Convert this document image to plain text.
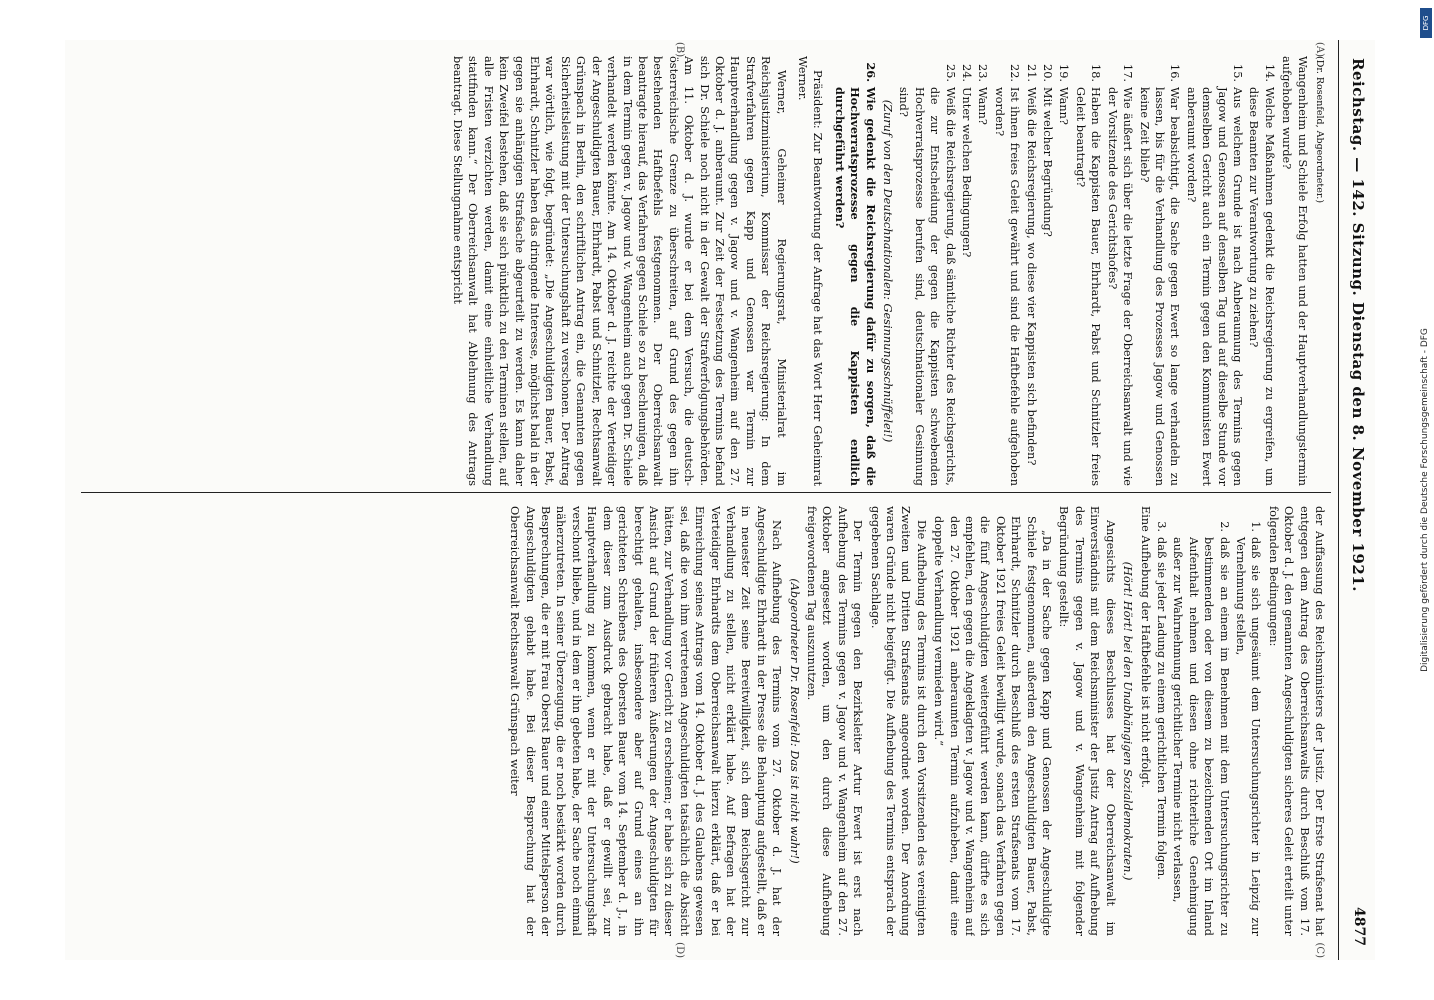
Reichstag. — 142. Sitzung. Dienstag den 8. November 1921.
4877
(A)
(B)
(C)
(D)

(Dr. Rosenfeld, Abgeordneter.)

Wangenheim und Schiele Erfolg hatten und der Hauptverhandlungstermin aufgehoben wurde?

14.
Welche Maßnahmen gedenkt die Reichsregierung zu ergreifen, um diese Beamten zur Verantwortung zu ziehen?
15.
Aus welchem Grunde ist nach Anberaumung des Termins gegen Jagow und Genossen auf denselben Tag und auf dieselbe Stunde vor demselben Gericht auch ein Termin gegen den Kommunisten Ewert anberaumt worden?
16.
War beabsichtigt, die Sache gegen Ewert so lange verhandeln zu lassen, bis für die Verhandlung des Prozesses Jagow und Genossen keine Zeit blieb?
17.
Wie äußert sich über die letzte Frage der Oberreichsanwalt und wie der Vorsitzende des Gerichtshofes?
18.
Haben die Kappisten Bauer, Ehrhardt, Pabst und Schnitzler freies Geleit beantragt?
19.
Wann?
20.
Mit welcher Begründung?
21.
Weiß die Reichsregierung, wo diese vier Kappisten sich befinden?
22.
Ist ihnen freies Geleit gewährt und sind die Haftbefehle aufgehoben worden?
23.
Wann?
24.
Unter welchen Bedingungen?
25.
Weiß die Reichsregierung, daß sämtliche Richter des Reichsgerichts, die zur Entscheidung der gegen die Kappisten schwebenden Hochverratsprozesse berufen sind, deutschnationaler Gesinnung sind?

(Zuruf von den Deutschnationalen: Gesinnungsschnüffelei!)

26.
Wie gedenkt die Reichsregierung dafür zu sorgen, daß die Hochverratsprozesse gegen die Kappisten endlich durchgeführt werden?

Präsident: Zur Beantwortung der Anfrage hat das Wort Herr Geheimrat Werner.

Werner, Geheimer Regierungsrat, Ministerialrat im Reichsjustizministerium, Kommissar der Reichsregierung: In dem Strafverfahren gegen Kapp und Genossen war Termin zur Hauptverhandlung gegen v. Jagow und v. Wangenheim auf den 27. Oktober d. J. anberaumt. Zur Zeit der Festsetzung des Termins befand sich Dr. Schiele noch nicht in der Gewalt der Strafverfolgungsbehörden. Am 11. Oktober d. J. wurde er bei dem Versuch, die deutsch-österreichische Grenze zu überschreiten, auf Grund des gegen ihn bestehenden Haftbefehls festgenommen. Der Oberreichsanwalt beantragte hierauf, das Verfahren gegen Schiele so zu beschleunigen, daß in dem Termin gegen v. Jagow und v. Wangenheim auch gegen Dr. Schiele verhandelt werden könnte. Am 14. Oktober d. J. reichte der Verteidiger der Angeschuldigten Bauer, Ehrhardt, Pabst und Schnitzler, Rechtsanwalt Grünspach in Berlin, den schriftlichen Antrag ein, die Genannten gegen Sicherheitsleistung mit der Untersuchungshaft zu verschonen. Der Antrag war wörtlich, wie folgt, begründet: „Die Angeschuldigten Bauer, Pabst, Ehrhardt, Schnitzler haben das dringende Interesse, möglichst bald in der gegen sie anhängigen Strafsache abgeurteilt zu werden. Es kann daher kein Zweifel bestehen, daß sie sich pünktlich zu den Terminen stellen, auf alle Fristen verzichten werden, damit eine einheitliche Verhandlung stattfinden kann.“ Der Oberreichsanwalt hat Ablehnung des Antrags beantragt. Diese Stellungnahme entspricht

der Auffassung des Reichsministers der Justiz. Der Erste Strafsenat hat entgegen dem Antrag des Oberreichsanwalts durch Beschluß vom 17. Oktober d. J. den genannten Angeschuldigten sicheres Geleit erteilt unter folgenden Bedingungen:

1.
daß sie sich ungesäumt dem Untersuchungsrichter in Leipzig zur Vernehmung stellen,
2.
daß sie an einem im Benehmen mit dem Untersuchungsrichter zu bestimmenden oder von diesem zu bezeichnenden Ort im Inland Aufenthalt nehmen und diesen ohne richterliche Genehmigung außer zur Wahrnehmung gerichtlicher Termine nicht verlassen,
3.
daß sie jeder Ladung zu einem gerichtlichen Termin folgen.

Eine Aufhebung der Haftbefehle ist nicht erfolgt.

(Hört! Hört! bei den Unabhängigen Sozialdemokraten.)

Angesichts dieses Beschlusses hat der Oberreichsanwalt im Einverständnis mit dem Reichsminister der Justiz Antrag auf Aufhebung des Termins gegen v. Jagow und v. Wangenheim mit folgender Begründung gestellt:

„Da in der Sache gegen Kapp und Genossen der Angeschuldigte Schiele festgenommen, außerdem den Angeschuldigten Bauer, Pabst, Ehrhardt, Schnitzler durch Beschluß des ersten Strafsenats vom 17. Oktober 1921 freies Geleit bewilligt wurde, sonach das Verfahren gegen die fünf Angeschuldigten weitergeführt werden kann, dürfte es sich empfehlen, den gegen die Angeklagten v. Jagow und v. Wangenheim auf den 27. Oktober 1921 anberaumten Termin aufzuheben, damit eine doppelte Verhandlung vermieden wird.“

Die Aufhebung des Termins ist durch den Vorsitzenden des vereinigten Zweiten und Dritten Strafsenats angeordnet worden. Der Anordnung waren Gründe nicht beigefügt. Die Aufhebung des Termins entsprach der gegebenen Sachlage.

Der Termin gegen den Bezirksleiter Artur Ewert ist erst nach Aufhebung des Termins gegen v. Jagow und v. Wangenheim auf den 27. Oktober angesetzt worden, um den durch diese Aufhebung freigewordenen Tag auszunutzen.

(Abgeordneter Dr. Rosenfeld: Das ist nicht wahr!)

Nach Aufhebung des Termins vom 27. Oktober d. J. hat der Angeschuldigte Ehrhardt in der Presse die Behauptung aufgestellt, daß er in neuester Zeit seine Bereitwilligkeit, sich dem Reichsgericht zur Verhandlung zu stellen, nicht erklärt habe. Auf Befragen hat der Verteidiger Ehrhardts dem Oberreichsanwalt hierzu erklärt, daß er bei Einreichung seines Antrags vom 14. Oktober d. J. des Glaubens gewesen sei, daß die von ihm vertretenen Angeschuldigten tatsächlich die Absicht hätten, zur Verhandlung vor Gericht zu erscheinen; er habe sich zu dieser Ansicht auf Grund der früheren Äußerungen der Angeschuldigten für berechtigt gehalten, insbesondere aber auf Grund eines an ihn gerichteten Schreibens des Obersten Bauer vom 14. September d. J., in dem dieser zum Ausdruck gebracht habe, daß er gewillt sei, zur Hauptverhandlung zu kommen, wenn er mit der Untersuchungshaft verschont bliebe, und in dem er ihn gebeten habe, der Sache noch einmal näherzutreten. In seiner Überzeugung, die er noch bestärkt worden durch Besprechungen, die er mit Frau Oberst Bauer und einer Mittelsperson der Angeschuldigten gehabt habe. Bei dieser Besprechung hat der Oberreichsanwalt Rechtsanwalt Grünspach weiter

DFG
Digitalisierung gefördert durch die Deutsche Forschungsgemeinschaft - DFG
